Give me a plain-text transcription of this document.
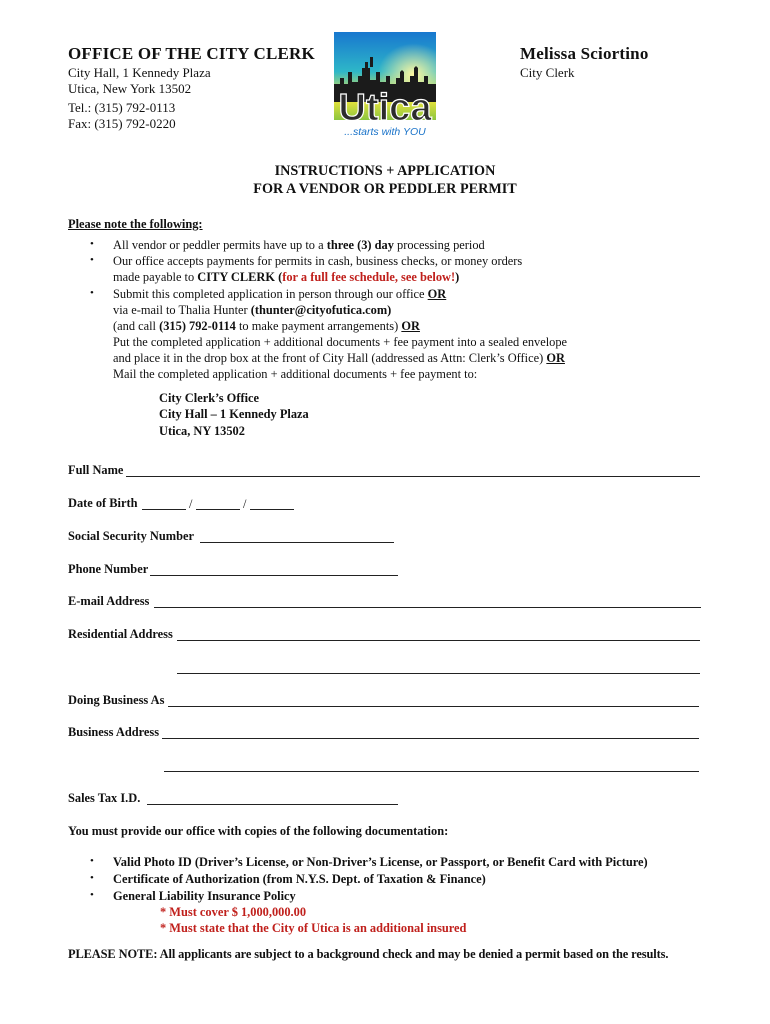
OFFICE OF THE CITY CLERK
City Hall, 1 Kennedy Plaza
Utica, New York 13502
Tel.: (315) 792-0113
Fax: (315) 792-0220
Melissa Sciortino
City Clerk
Utica
...starts with YOU
INSTRUCTIONS + APPLICATION
FOR A VENDOR OR PEDDLER PERMIT
Please note the following:
• All vendor or peddler permits have up to a three (3) day processing period
• Our office accepts payments for permits in cash, business checks, or money orders
made payable to CITY CLERK (for a full fee schedule, see below!)
• Submit this completed application in person through our office OR
via e-mail to Thalia Hunter (thunter@cityofutica.com)
(and call (315) 792-0114 to make payment arrangements) OR
Put the completed application + additional documents + fee payment into a sealed envelope
and place it in the drop box at the front of City Hall (addressed as Attn: Clerk’s Office) OR
Mail the completed application + additional documents + fee payment to:
City Clerk’s Office
City Hall – 1 Kennedy Plaza
Utica, NY 13502
Full Name
Date of Birth	/	/
Social Security Number
Phone Number
E-mail Address
Residential Address
Doing Business As
Business Address
Sales Tax I.D.
You must provide our office with copies of the following documentation:
• Valid Photo ID (Driver’s License, or Non-Driver’s License, or Passport, or Benefit Card with Picture)
• Certificate of Authorization (from N.Y.S. Dept. of Taxation & Finance)
• General Liability Insurance Policy
* Must cover $ 1,000,000.00
* Must state that the City of Utica is an additional insured
PLEASE NOTE: All applicants are subject to a background check and may be denied a permit based on the results.
